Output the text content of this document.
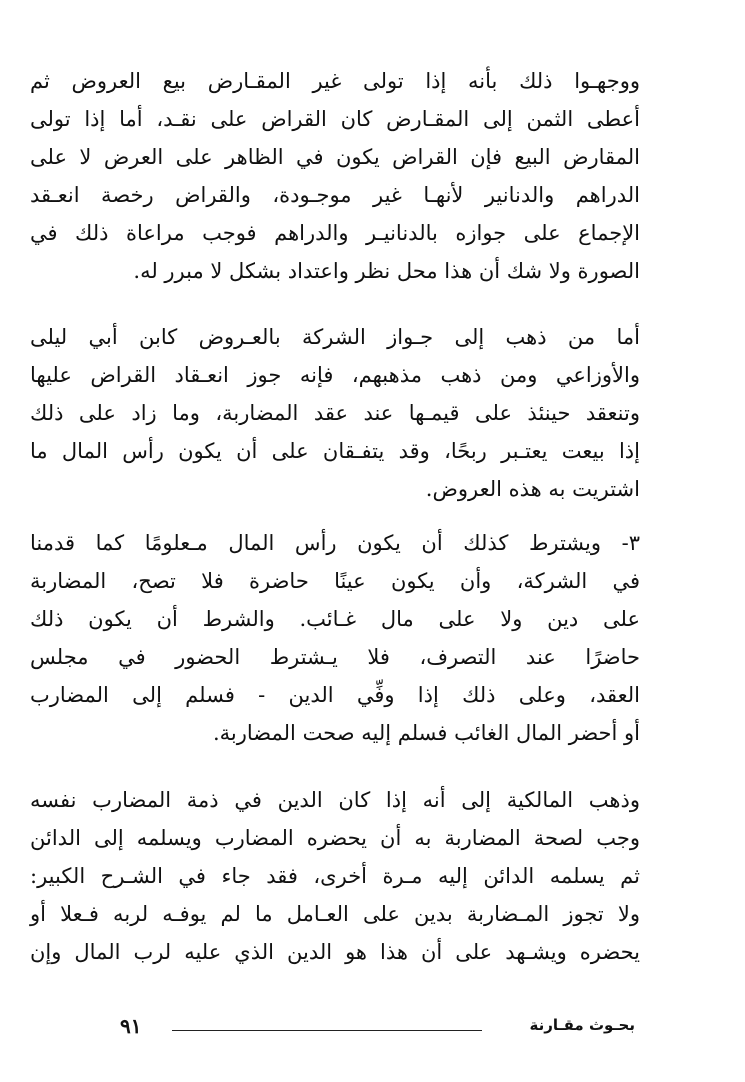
ووجهـوا ذلك بأنه إذا تولى غير المقـارض بيع العروض ثم
أعطى الثمن إلى المقـارض كان القراض على نقـد، أما إذا تولى
المقارض البيع فإن القراض يكون في الظاهر على العرض لا على
الدراهم والدنانير لأنهـا غير موجـودة، والقراض رخصة انعـقد
الإجماع على جوازه بالدنانيـر والدراهم فوجب مراعاة ذلك في
الصورة ولا شك أن هذا محل نظر واعتداد بشكل لا مبرر له.
أما من ذهب إلى جـواز الشركة بالعـروض كابن أبي ليلى
والأوزاعي ومن ذهب مذهبهم، فإنه جوز انعـقاد القراض عليها
وتنعقد حينئذ على قيمـها عند عقد المضاربة، وما زاد على ذلك
إذا بيعت يعتـبر ربحًا، وقد يتفـقان على أن يكون رأس المال ما
اشتريت به هذه العروض.
٣- ويشترط كذلك أن يكون رأس المال مـعلومًا كما قدمنا
في الشركة، وأن يكون عينًا حاضرة فلا تصح، المضاربة
على دين ولا على مال غـائب. والشرط أن يكون ذلك
حاضرًا عند التصرف، فلا يـشترط الحضور في مجلس
العقد، وعلى ذلك إذا وفِّي الدين - فسلم إلى المضارب
أو أحضر المال الغائب فسلم إليه صحت المضاربة.
وذهب المالكية إلى أنه إذا كان الدين في ذمة المضارب نفسه
وجب لصحة المضاربة به أن يحضره المضارب ويسلمه إلى الدائن
ثم يسلمه الدائن إليه مـرة أخرى، فقد جاء في الشـرح الكبير:
ولا تجوز المـضاربة بدين على العـامل ما لم يوفـه لربه فـعلا أو
يحضره ويشـهد على أن هذا هو الدين الذي عليه لرب المال وإن
٩١	بحـوث مقـارنة
